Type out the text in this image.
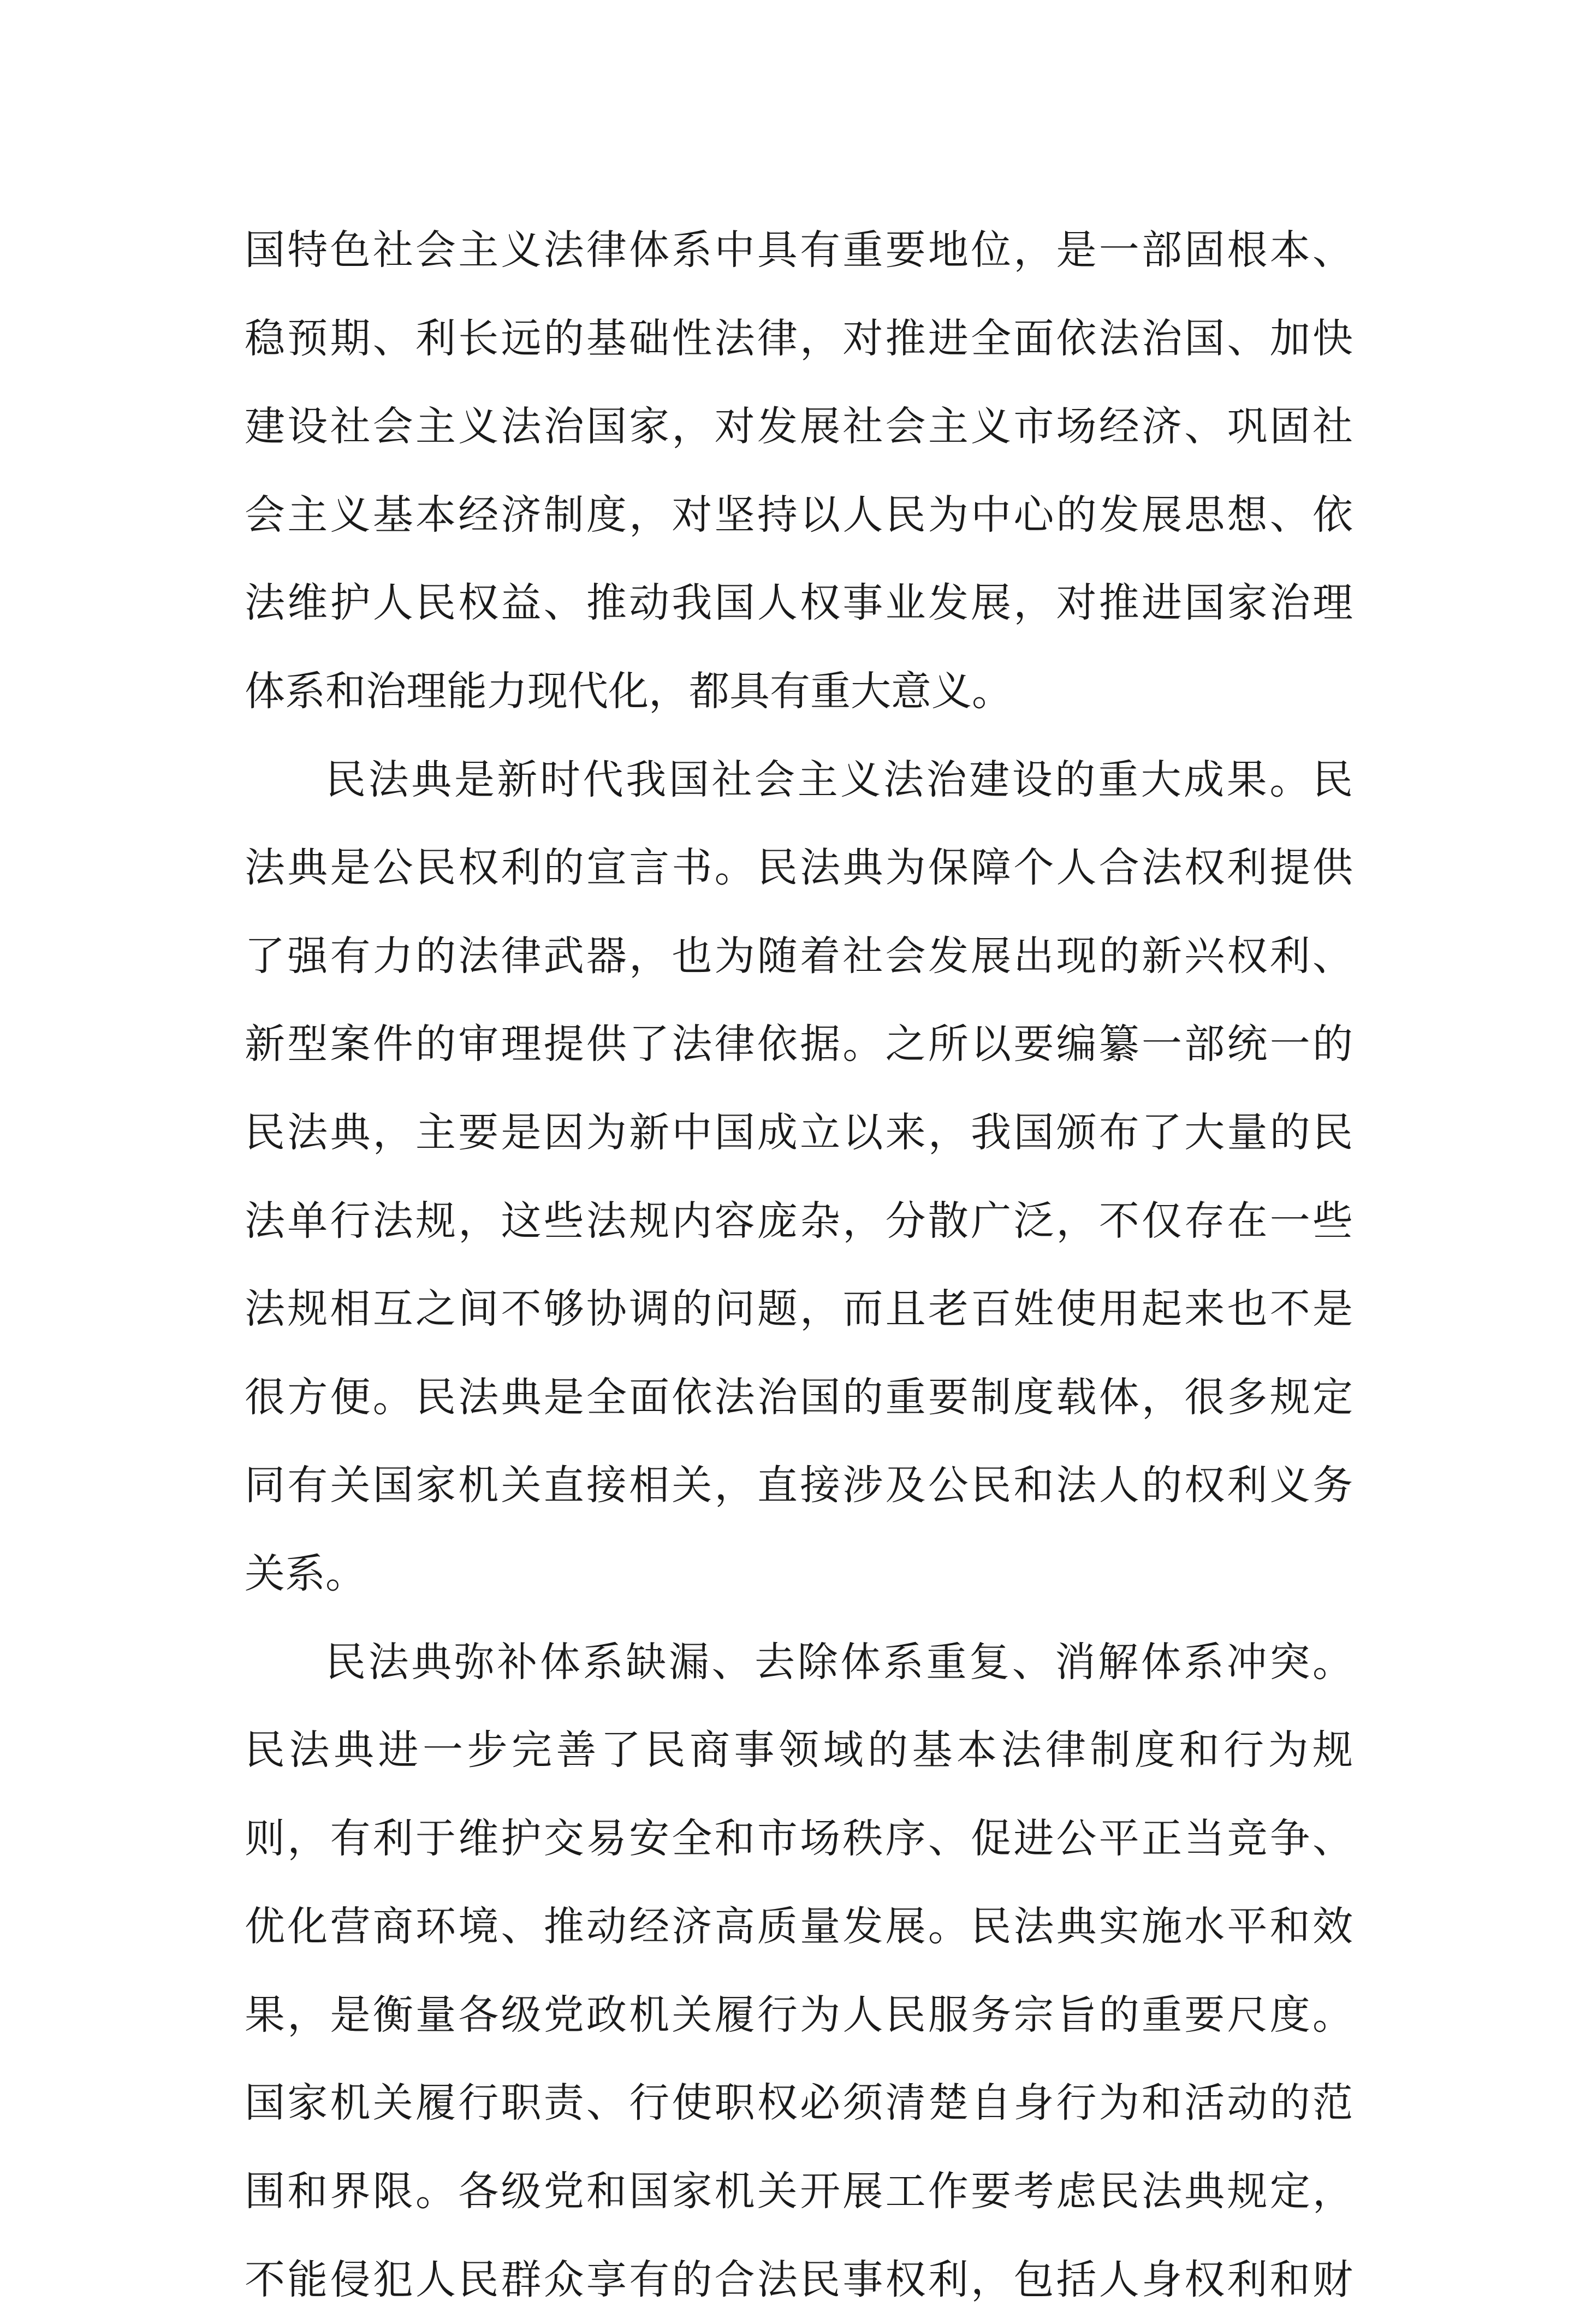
国特色社会主义法律体系中具有重要地位，是一部固根本、
稳预期、利长远的基础性法律，对推进全面依法治国、加快
建设社会主义法治国家，对发展社会主义市场经济、巩固社
会主义基本经济制度，对坚持以人民为中心的发展思想、依
法维护人民权益、推动我国人权事业发展，对推进国家治理
体系和治理能力现代化，都具有重大意义。
民法典是新时代我国社会主义法治建设的重大成果。民
法典是公民权利的宣言书。民法典为保障个人合法权利提供
了强有力的法律武器，也为随着社会发展出现的新兴权利、
新型案件的审理提供了法律依据。之所以要编纂一部统一的
民法典，主要是因为新中国成立以来，我国颁布了大量的民
法单行法规，这些法规内容庞杂，分散广泛，不仅存在一些
法规相互之间不够协调的问题，而且老百姓使用起来也不是
很方便。民法典是全面依法治国的重要制度载体，很多规定
同有关国家机关直接相关，直接涉及公民和法人的权利义务
关系。
民法典弥补体系缺漏、去除体系重复、消解体系冲突。
民法典进一步完善了民商事领域的基本法律制度和行为规
则，有利于维护交易安全和市场秩序、促进公平正当竞争、
优化营商环境、推动经济高质量发展。民法典实施水平和效
果，是衡量各级党政机关履行为人民服务宗旨的重要尺度。
国家机关履行职责、行使职权必须清楚自身行为和活动的范
围和界限。各级党和国家机关开展工作要考虑民法典规定，
不能侵犯人民群众享有的合法民事权利，包括人身权利和财
